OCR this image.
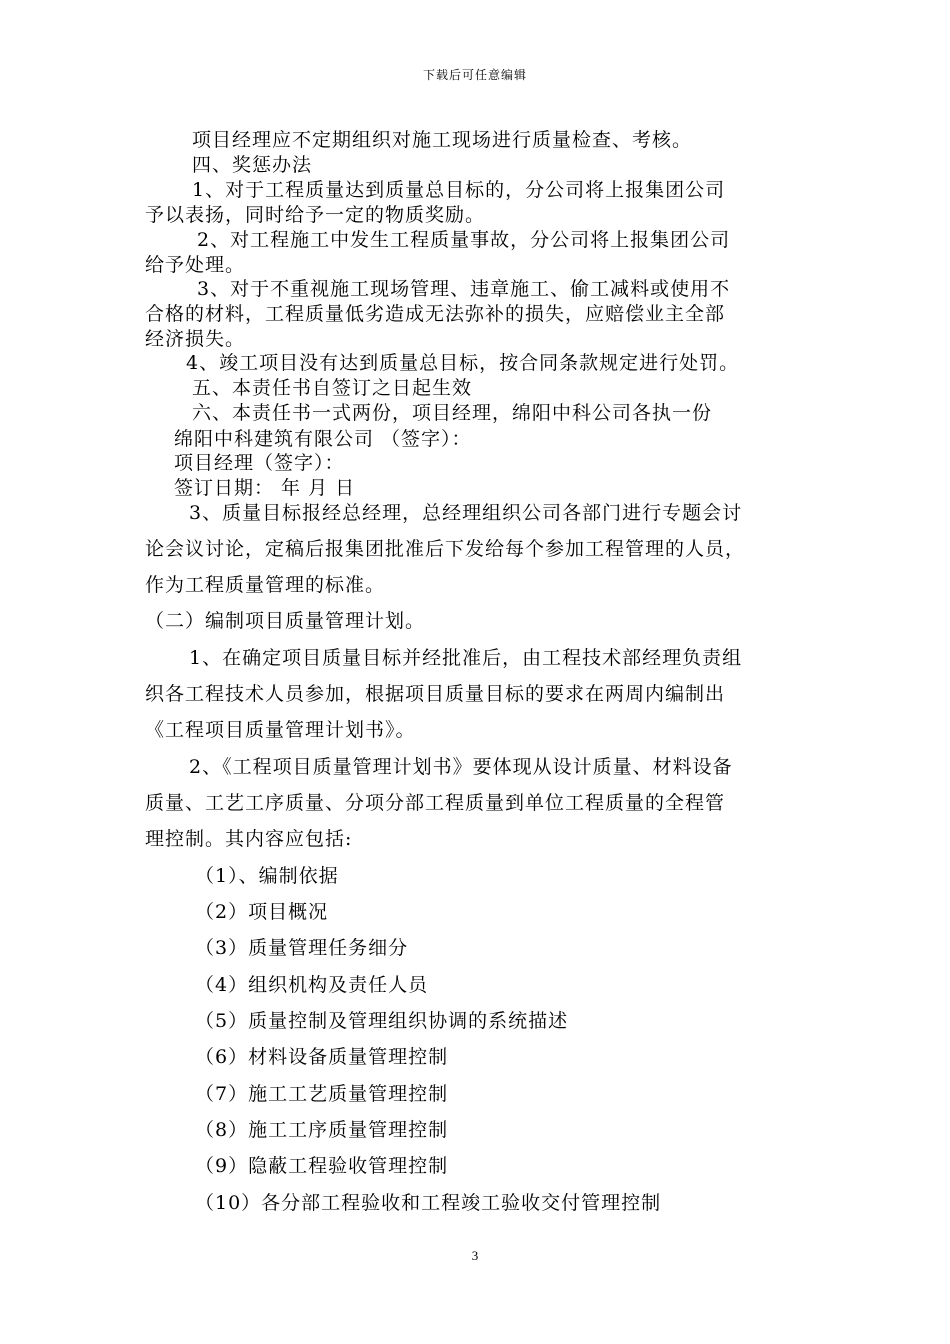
下载后可任意编辑
项目经理应不定期组织对施工现场进行质量检查、考核。
四、奖惩办法
1、对于工程质量达到质量总目标的，分公司将上报集团公司
予以表扬，同时给予一定的物质奖励。
2、对工程施工中发生工程质量事故，分公司将上报集团公司
给予处理。
3、对于不重视施工现场管理、违章施工、偷工减料或使用不
合格的材料，工程质量低劣造成无法弥补的损失，应赔偿业主全部
经济损失。
4、竣工项目没有达到质量总目标，按合同条款规定进行处罚。
五、本责任书自签订之日起生效
六、本责任书一式两份，项目经理，绵阳中科公司各执一份
绵阳中科建筑有限公司 （签字）：
项目经理（签字）：
签订日期： 年 月 日
3、质量目标报经总经理，总经理组织公司各部门进行专题会讨
论会议讨论，定稿后报集团批准后下发给每个参加工程管理的人员，
作为工程质量管理的标准。
（二）编制项目质量管理计划。
1、在确定项目质量目标并经批准后，由工程技术部经理负责组
织各工程技术人员参加，根据项目质量目标的要求在两周内编制出
《工程项目质量管理计划书》。
2、《工程项目质量管理计划书》要体现从设计质量、材料设备
质量、工艺工序质量、分项分部工程质量到单位工程质量的全程管
理控制。其内容应包括:
（1）、编制依据
（2）项目概况
（3）质量管理任务细分
（4）组织机构及责任人员
（5）质量控制及管理组织协调的系统描述
（6）材料设备质量管理控制
（7）施工工艺质量管理控制
（8）施工工序质量管理控制
（9）隐蔽工程验收管理控制
（10）各分部工程验收和工程竣工验收交付管理控制
3
